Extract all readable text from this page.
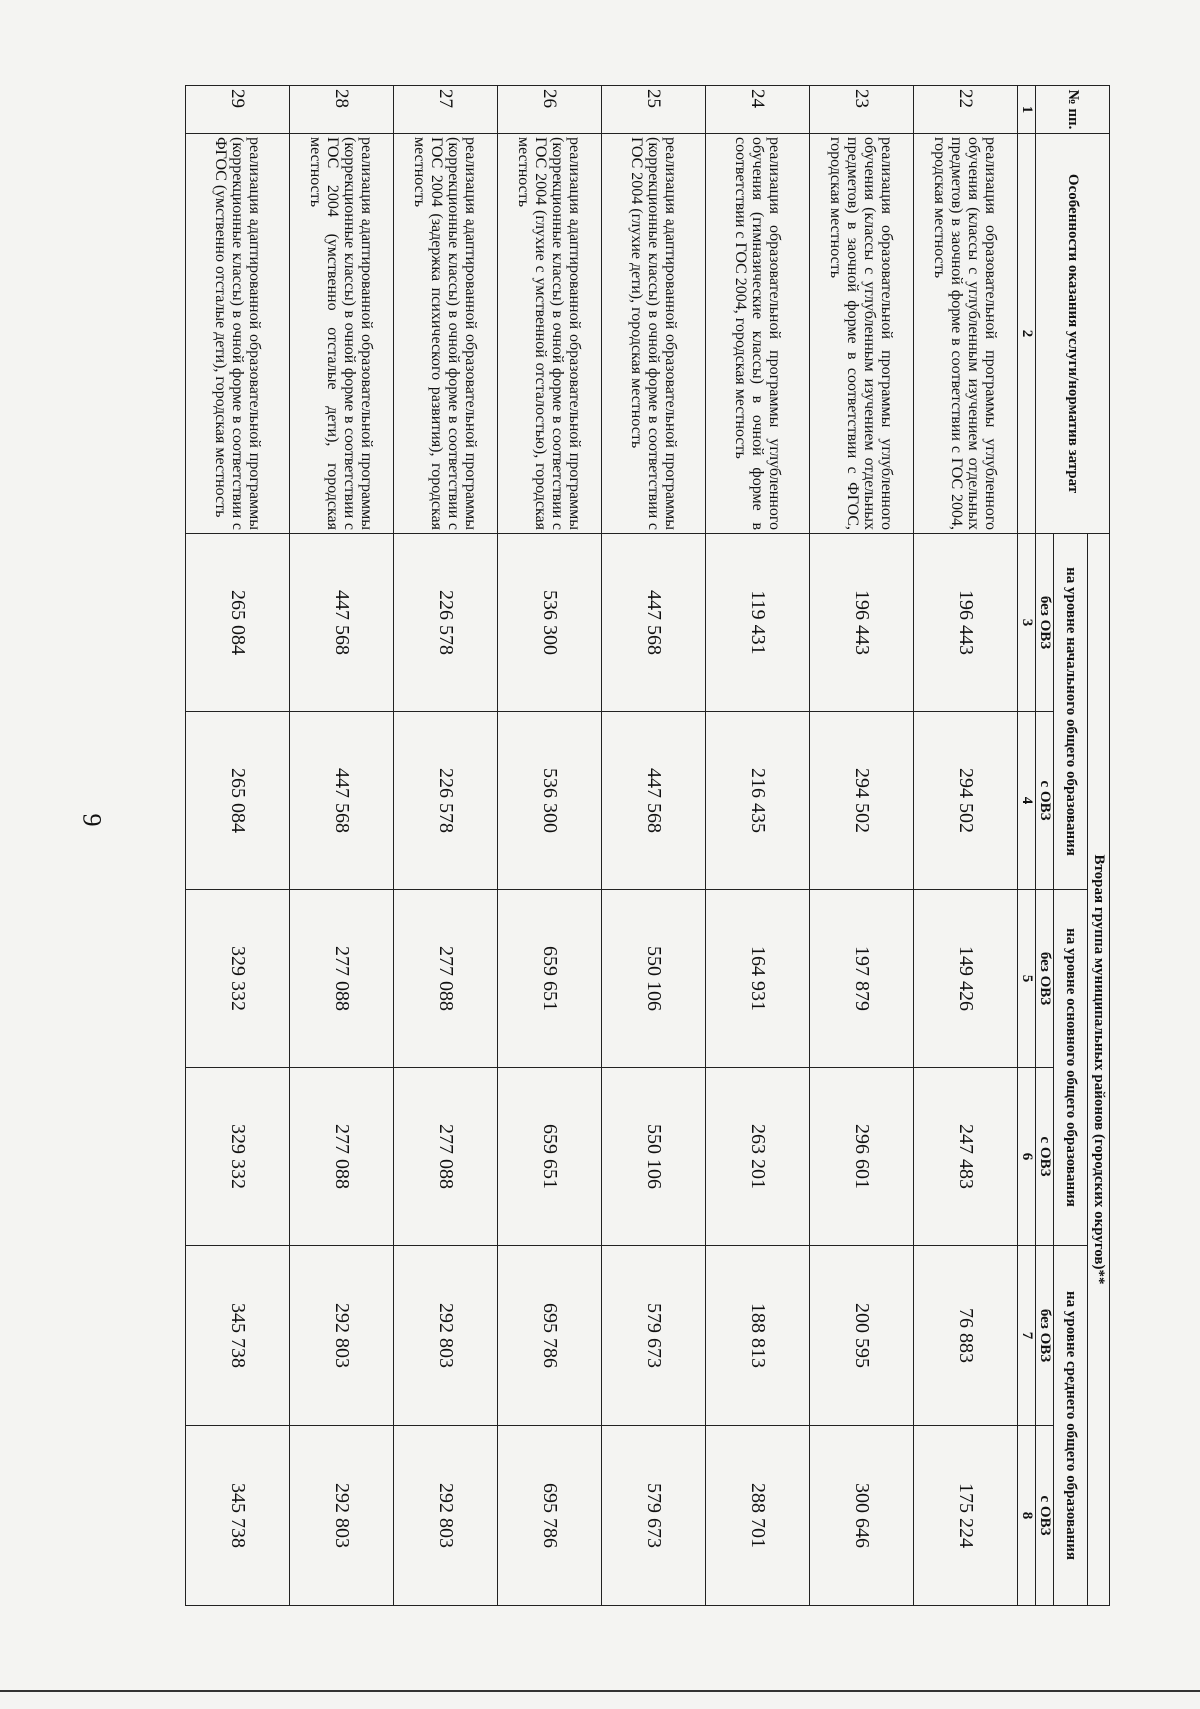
9
№ пп.	Особенности оказания услуги/норматив затрат	Вторая группа муниципальных районов (городских округов)**					
		на уровне начального общего образования		на уровне основного общего образования		на уровне среднего общего образования	
		без ОВЗ	с ОВЗ	без ОВЗ	с ОВЗ	без ОВЗ	с ОВЗ
1	2	3	4	5	6	7	8
22	реализация образовательной программы углубленного обучения (классы с углубленным изучением отдельных предметов) в заочной форме в соответствии с ГОС 2004, городская местность	196 443	294 502	149 426	247 483	76 883	175 224
23	реализация образовательной программы углубленного обучения (классы с углубленным изучением отдельных предметов) в заочной форме в соответствии с ФГОС, городская местность	196 443	294 502	197 879	296 601	200 595	300 646
24	реализация образовательной программы углубленного обучения (гимназические классы) в очной форме в соответствии с ГОС 2004, городская местность	119 431	216 435	164 931	263 201	188 813	288 701
25	реализация адаптированной образовательной программы (коррекционные классы) в очной форме в соответствии с ГОС 2004 (глухие дети), городская местность	447 568	447 568	550 106	550 106	579 673	579 673
26	реализация адаптированной образовательной программы (коррекционные классы) в очной форме в соответствии с ГОС 2004 (глухие с умственной отсталостью), городская местность	536 300	536 300	659 651	659 651	695 786	695 786
27	реализация адаптированной образовательной программы (коррекционные классы) в очной форме в соответствии с ГОС 2004 (задержка психического развития), городская местность	226 578	226 578	277 088	277 088	292 803	292 803
28	реализация адаптированной образовательной программы (коррекционные классы) в очной форме в соответствии с ГОС 2004 (умственно отсталые дети), городская местность	447 568	447 568	277 088	277 088	292 803	292 803
29	реализация адаптированной образовательной программы (коррекционные классы) в очной форме в соответствии с ФГОС (умственно отсталые дети), городская местность	265 084	265 084	329 332	329 332	345 738	345 738
